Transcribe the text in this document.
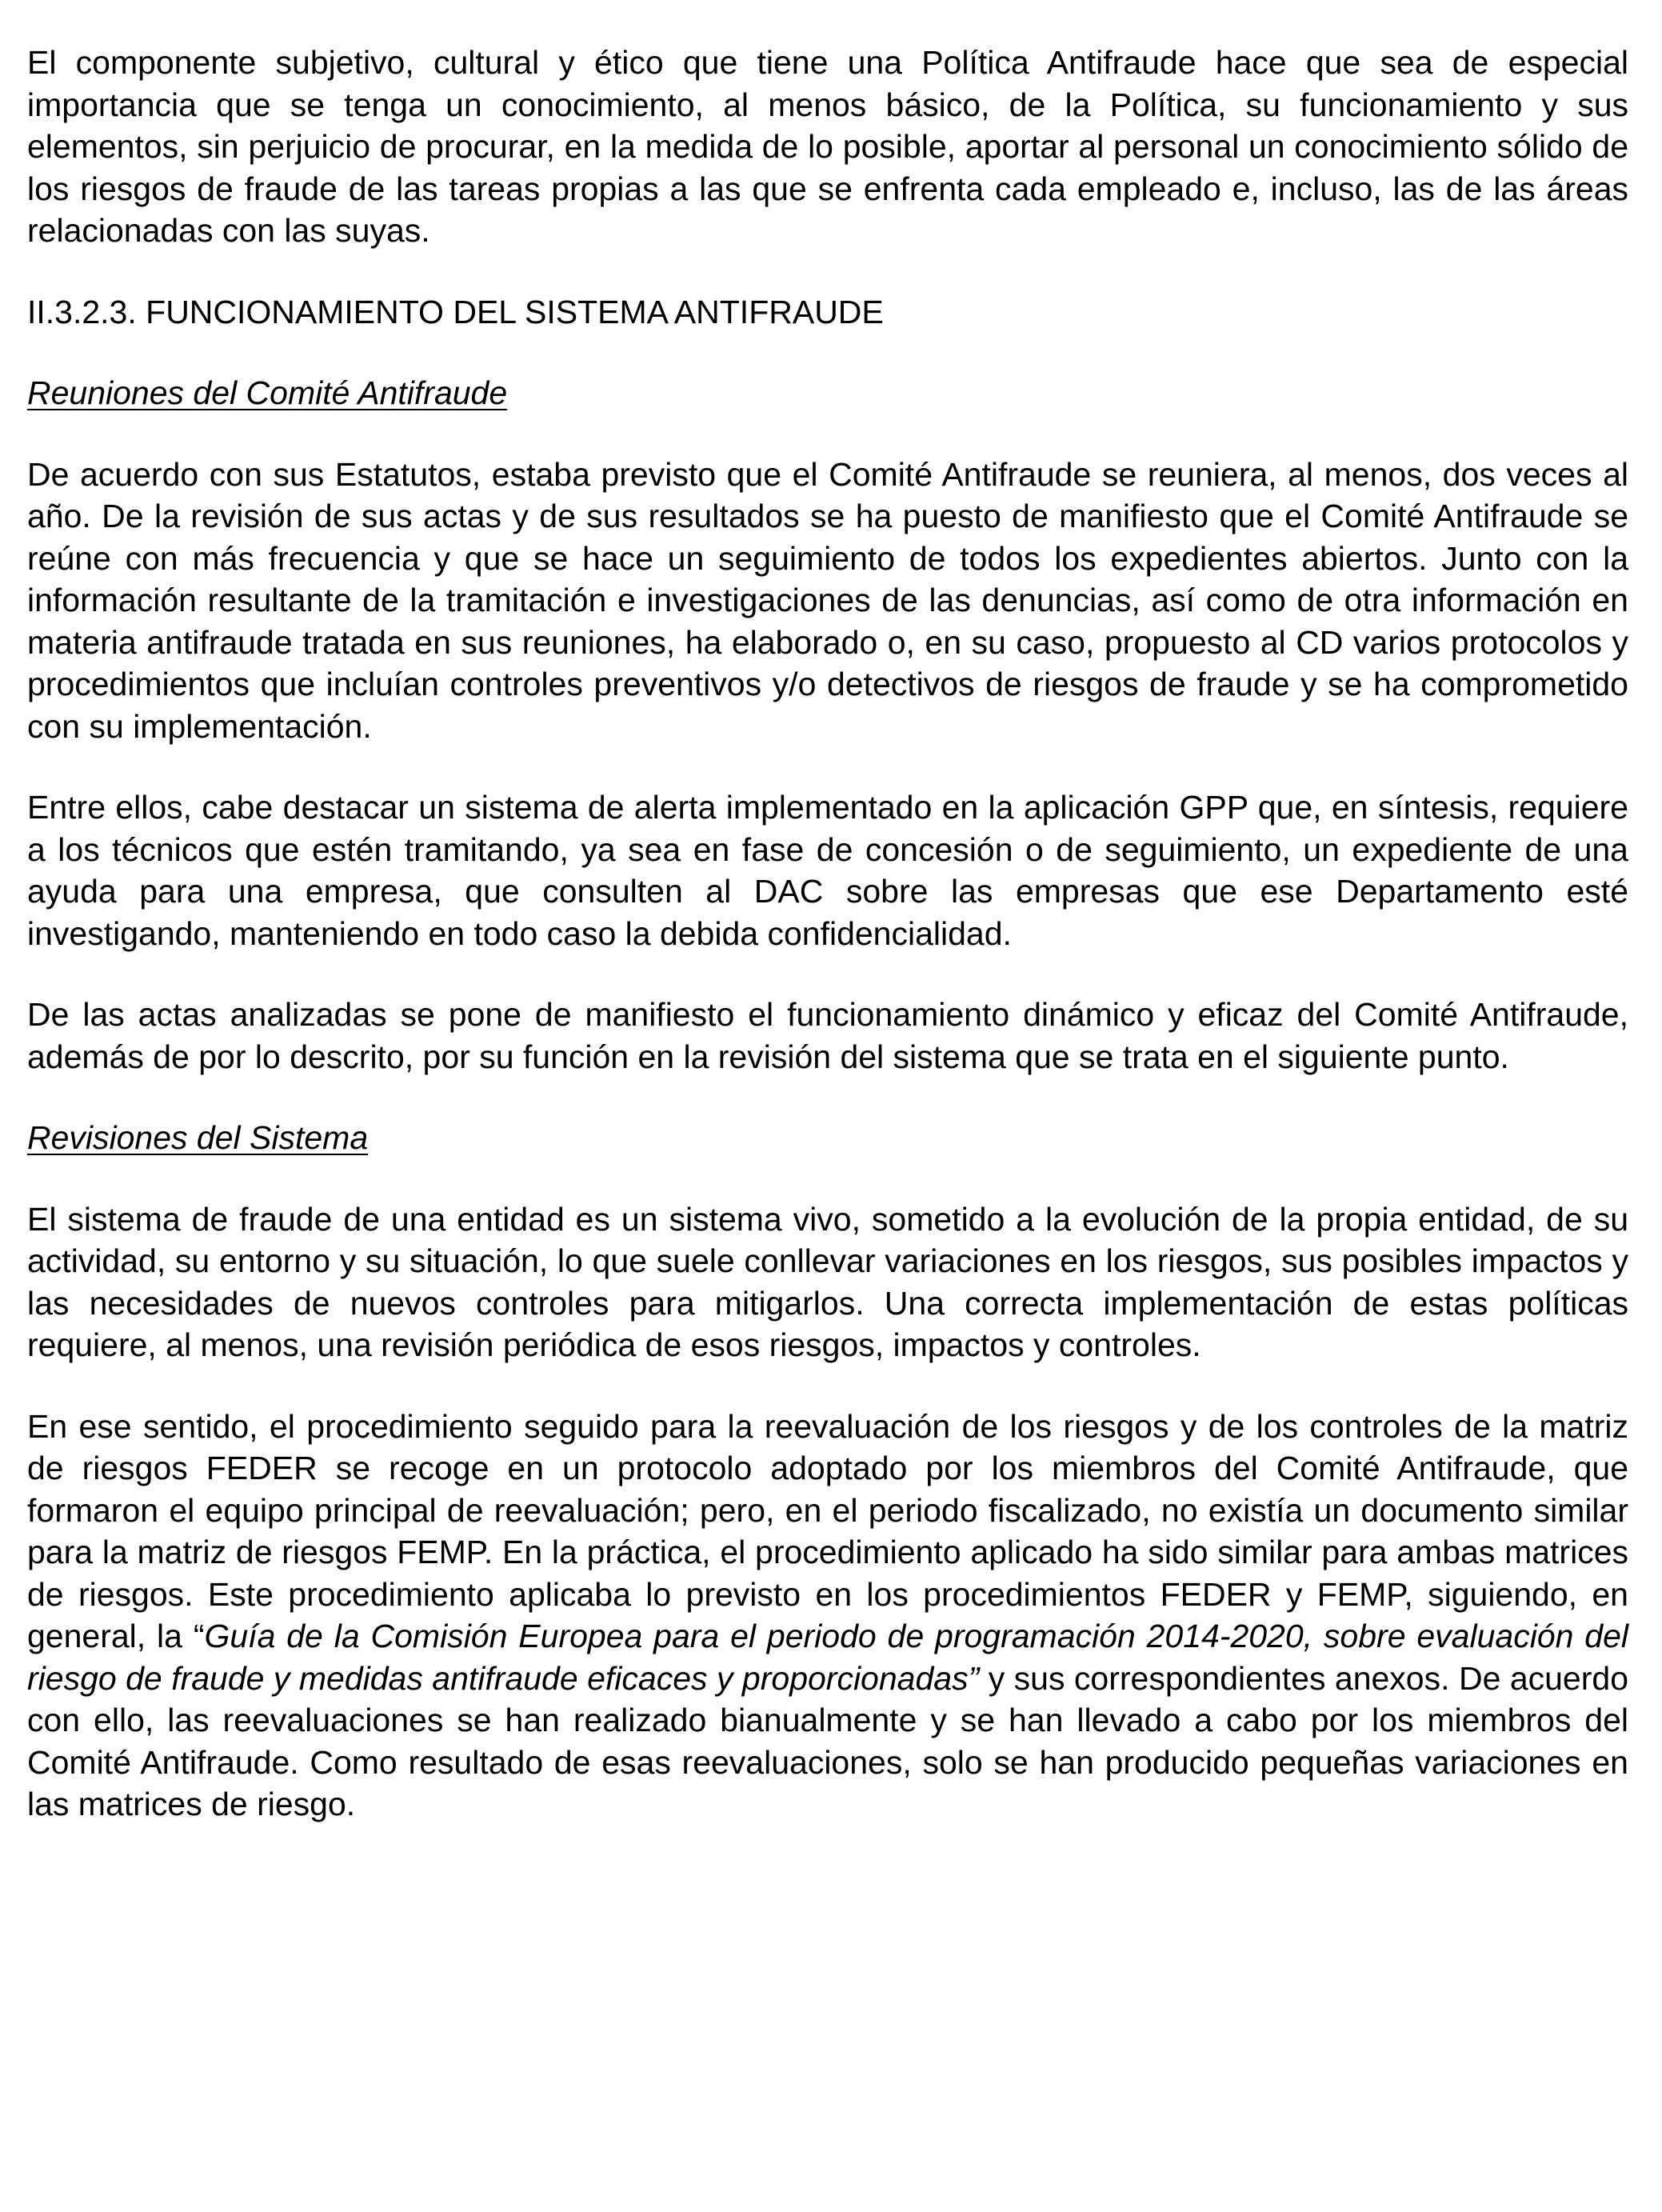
El componente subjetivo, cultural y ético que tiene una Política Antifraude hace que sea de especial importancia que se tenga un conocimiento, al menos básico, de la Política, su funcionamiento y sus elementos, sin perjuicio de procurar, en la medida de lo posible, aportar al personal un conocimiento sólido de los riesgos de fraude de las tareas propias a las que se enfrenta cada empleado e, incluso, las de las áreas relacionadas con las suyas.

II.3.2.3. FUNCIONAMIENTO DEL SISTEMA ANTIFRAUDE

Reuniones del Comité Antifraude

De acuerdo con sus Estatutos, estaba previsto que el Comité Antifraude se reuniera, al menos, dos veces al año. De la revisión de sus actas y de sus resultados se ha puesto de manifiesto que el Comité Antifraude se reúne con más frecuencia y que se hace un seguimiento de todos los expedientes abiertos. Junto con la información resultante de la tramitación e investigaciones de las denuncias, así como de otra información en materia antifraude tratada en sus reuniones, ha elaborado o, en su caso, propuesto al CD varios protocolos y procedimientos que incluían controles preventivos y/o detectivos de riesgos de fraude y se ha comprometido con su implementación.

Entre ellos, cabe destacar un sistema de alerta implementado en la aplicación GPP que, en síntesis, requiere a los técnicos que estén tramitando, ya sea en fase de concesión o de seguimiento, un expediente de una ayuda para una empresa, que consulten al DAC sobre las empresas que ese Departamento esté investigando, manteniendo en todo caso la debida confidencialidad.

De las actas analizadas se pone de manifiesto el funcionamiento dinámico y eficaz del Comité Antifraude, además de por lo descrito, por su función en la revisión del sistema que se trata en el siguiente punto.

Revisiones del Sistema

El sistema de fraude de una entidad es un sistema vivo, sometido a la evolución de la propia entidad, de su actividad, su entorno y su situación, lo que suele conllevar variaciones en los riesgos, sus posibles impactos y las necesidades de nuevos controles para mitigarlos. Una correcta implementación de estas políticas requiere, al menos, una revisión periódica de esos riesgos, impactos y controles.

En ese sentido, el procedimiento seguido para la reevaluación de los riesgos y de los controles de la matriz de riesgos FEDER se recoge en un protocolo adoptado por los miembros del Comité Antifraude, que formaron el equipo principal de reevaluación; pero, en el periodo fiscalizado, no existía un documento similar para la matriz de riesgos FEMP. En la práctica, el procedimiento aplicado ha sido similar para ambas matrices de riesgos. Este procedimiento aplicaba lo previsto en los procedimientos FEDER y FEMP, siguiendo, en general, la “Guía de la Comisión Europea para el periodo de programación 2014-2020, sobre evaluación del riesgo de fraude y medidas antifraude eficaces y proporcionadas” y sus correspondientes anexos. De acuerdo con ello, las reevaluaciones se han realizado bianualmente y se han llevado a cabo por los miembros del Comité Antifraude. Como resultado de esas reevaluaciones, solo se han producido pequeñas variaciones en las matrices de riesgo.
